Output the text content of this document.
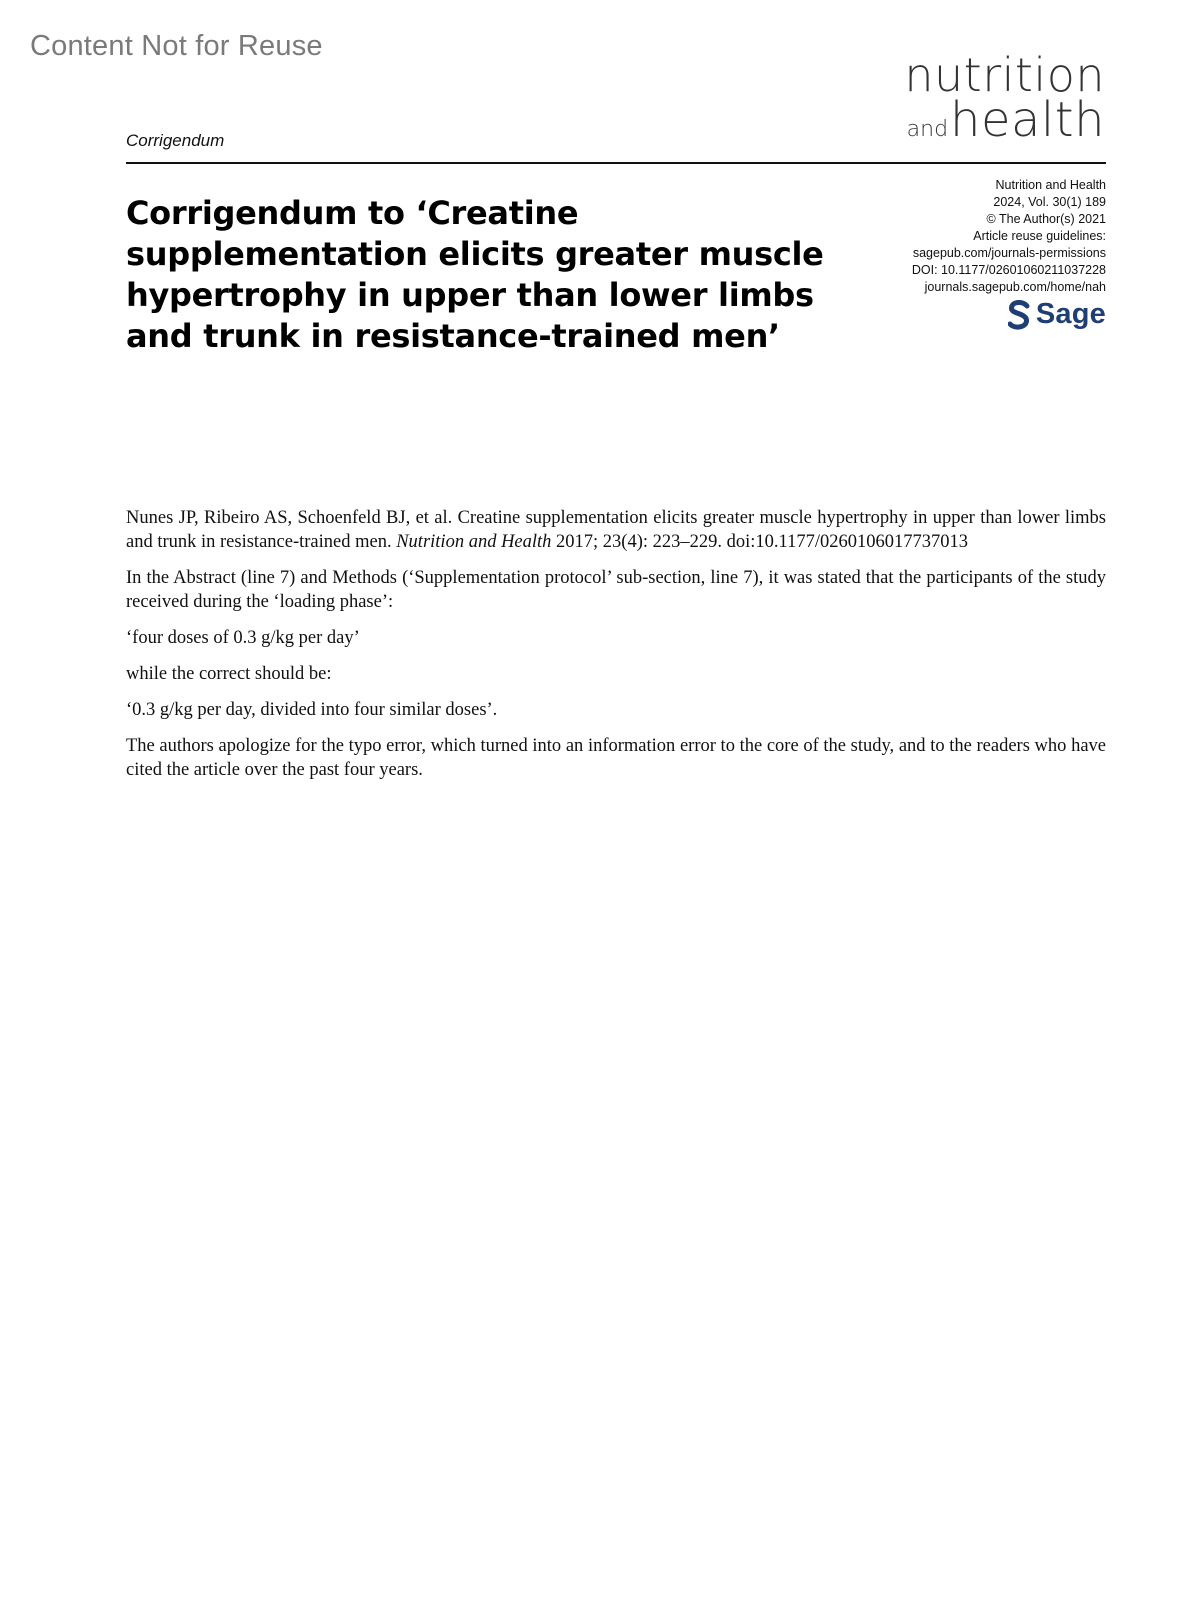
Content Not for Reuse
nutrition
andhealth
Corrigendum
Corrigendum to ‘Creatine supplementation elicits greater muscle hypertrophy in upper than lower limbs and trunk in resistance-trained men’
Nutrition and Health
2024, Vol. 30(1) 189
© The Author(s) 2021
Article reuse guidelines:
sagepub.com/journals-permissions
DOI: 10.1177/02601060211037228
journals.sagepub.com/home/nah
Sage

Nunes JP, Ribeiro AS, Schoenfeld BJ, et al. Creatine supplementation elicits greater muscle hypertrophy in upper than lower limbs and trunk in resistance-trained men. Nutrition and Health 2017; 23(4): 223–229. doi:10.1177/0260106017737013

In the Abstract (line 7) and Methods (‘Supplementation protocol’ sub-section, line 7), it was stated that the participants of the study received during the ‘loading phase’:

‘four doses of 0.3 g/kg per day’

while the correct should be:

‘0.3 g/kg per day, divided into four similar doses’.

The authors apologize for the typo error, which turned into an information error to the core of the study, and to the readers who have cited the article over the past four years.
